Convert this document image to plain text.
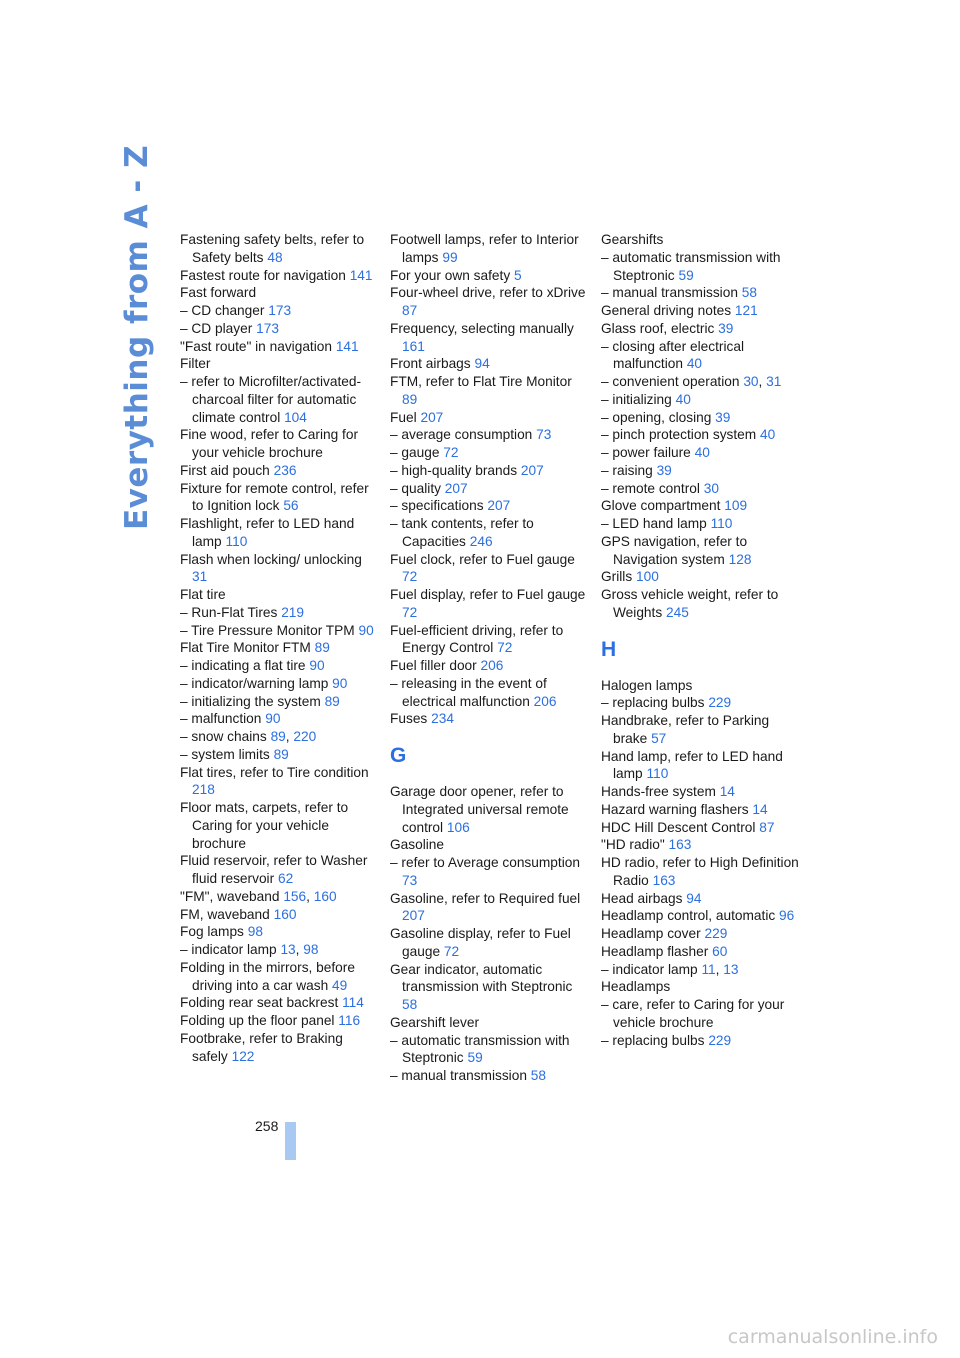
Everything from A - Z Fastening safety belts, refer to Safety belts 48
Fastest route for navigation 141
Fast forward
– CD changer 173
– CD player 173
"Fast route" in navigation 141
Filter
– refer to Microfilter/activated-charcoal filter for automatic climate control 104
Fine wood, refer to Caring for your vehicle brochure
First aid pouch 236
Fixture for remote control, refer to Ignition lock 56
Flashlight, refer to LED hand lamp 110
Flash when locking/ unlocking 31
Flat tire
– Run-Flat Tires 219
– Tire Pressure Monitor TPM 90
Flat Tire Monitor FTM 89
– indicating a flat tire 90
– indicator/warning lamp 90
– initializing the system 89
– malfunction 90
– snow chains 89, 220
– system limits 89
Flat tires, refer to Tire condition 218
Floor mats, carpets, refer to Caring for your vehicle brochure
Fluid reservoir, refer to Washer fluid reservoir 62
"FM", waveband 156, 160
FM, waveband 160
Fog lamps 98
– indicator lamp 13, 98
Folding in the mirrors, before driving into a car wash 49
Folding rear seat backrest 114
Folding up the floor panel 116
Footbrake, refer to Braking safely 122
Footwell lamps, refer to Interior lamps 99
For your own safety 5
Four-wheel drive, refer to xDrive 87
Frequency, selecting manually 161
Front airbags 94
FTM, refer to Flat Tire Monitor 89
Fuel 207
– average consumption 73
– gauge 72
– high-quality brands 207
– quality 207
– specifications 207
– tank contents, refer to Capacities 246
Fuel clock, refer to Fuel gauge 72
Fuel display, refer to Fuel gauge 72
Fuel-efficient driving, refer to Energy Control 72
Fuel filler door 206
– releasing in the event of electrical malfunction 206
Fuses 234
G
Garage door opener, refer to Integrated universal remote control 106
Gasoline
– refer to Average consumption 73
Gasoline, refer to Required fuel 207
Gasoline display, refer to Fuel gauge 72
Gear indicator, automatic transmission with Steptronic 58
Gearshift lever
– automatic transmission with Steptronic 59
– manual transmission 58
Gearshifts
– automatic transmission with Steptronic 59
– manual transmission 58
General driving notes 121
Glass roof, electric 39
– closing after electrical malfunction 40
– convenient operation 30, 31
– initializing 40
– opening, closing 39
– pinch protection system 40
– power failure 40
– raising 39
– remote control 30
Glove compartment 109
– LED hand lamp 110
GPS navigation, refer to Navigation system 128
Grills 100
Gross vehicle weight, refer to Weights 245
H
Halogen lamps
– replacing bulbs 229
Handbrake, refer to Parking brake 57
Hand lamp, refer to LED hand lamp 110
Hands-free system 14
Hazard warning flashers 14
HDC Hill Descent Control 87
"HD radio" 163
HD radio, refer to High Definition Radio 163
Head airbags 94
Headlamp control, automatic 96
Headlamp cover 229
Headlamp flasher 60
– indicator lamp 11, 13
Headlamps
– care, refer to Caring for your vehicle brochure
– replacing bulbs 229
258
carmanualsonline.info
